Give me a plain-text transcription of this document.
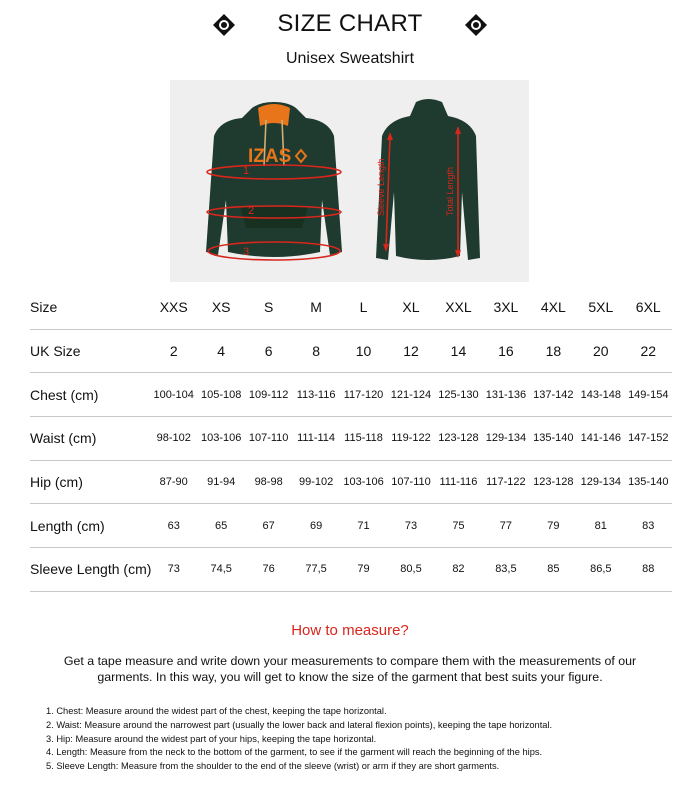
SIZE CHART
Unisex Sweatshirt
IZAS
1
2
3
Sleeve Length	Total Length
Size	XXS	XS	S	M	L	XL	XXL	3XL	4XL	5XL	6XL
UK Size	2	4	6	8	10	12	14	16	18	20	22
Chest (cm)	100-104 105-108 109-112 113-116 117-120 121-124 125-130 131-136 137-142 143-148 149-154
Waist (cm)	98-102 103-106 107-110 111-114 115-118 119-122 123-128 129-134 135-140 141-146 147-152
Hip (cm)	87-90	91-94	98-98	99-102 103-106 107-110 111-116 117-122 123-128 129-134 135-140
Length (cm)	63	65	67	69	71	73	75	77	79	81	83
Sleeve Length (cm)	73	74,5	76	77,5	79	80,5	82	83,5	85	86,5	88
How to measure?
Get a tape measure and write down your measurements to compare them with the measurements of our garments. In this way, you will get to know the size of the garment that best suits your figure.
1. Chest: Measure around the widest part of the chest, keeping the tape horizontal.
2. Waist: Measure around the narrowest part (usually the lower back and lateral flexion points), keeping the tape horizontal.
3. Hip: Measure around the widest part of your hips, keeping the tape horizontal.
4. Length: Measure from the neck to the bottom of the garment, to see if the garment will reach the beginning of the hips.
5. Sleeve Length: Measure from the shoulder to the end of the sleeve (wrist) or arm if they are short garments.
